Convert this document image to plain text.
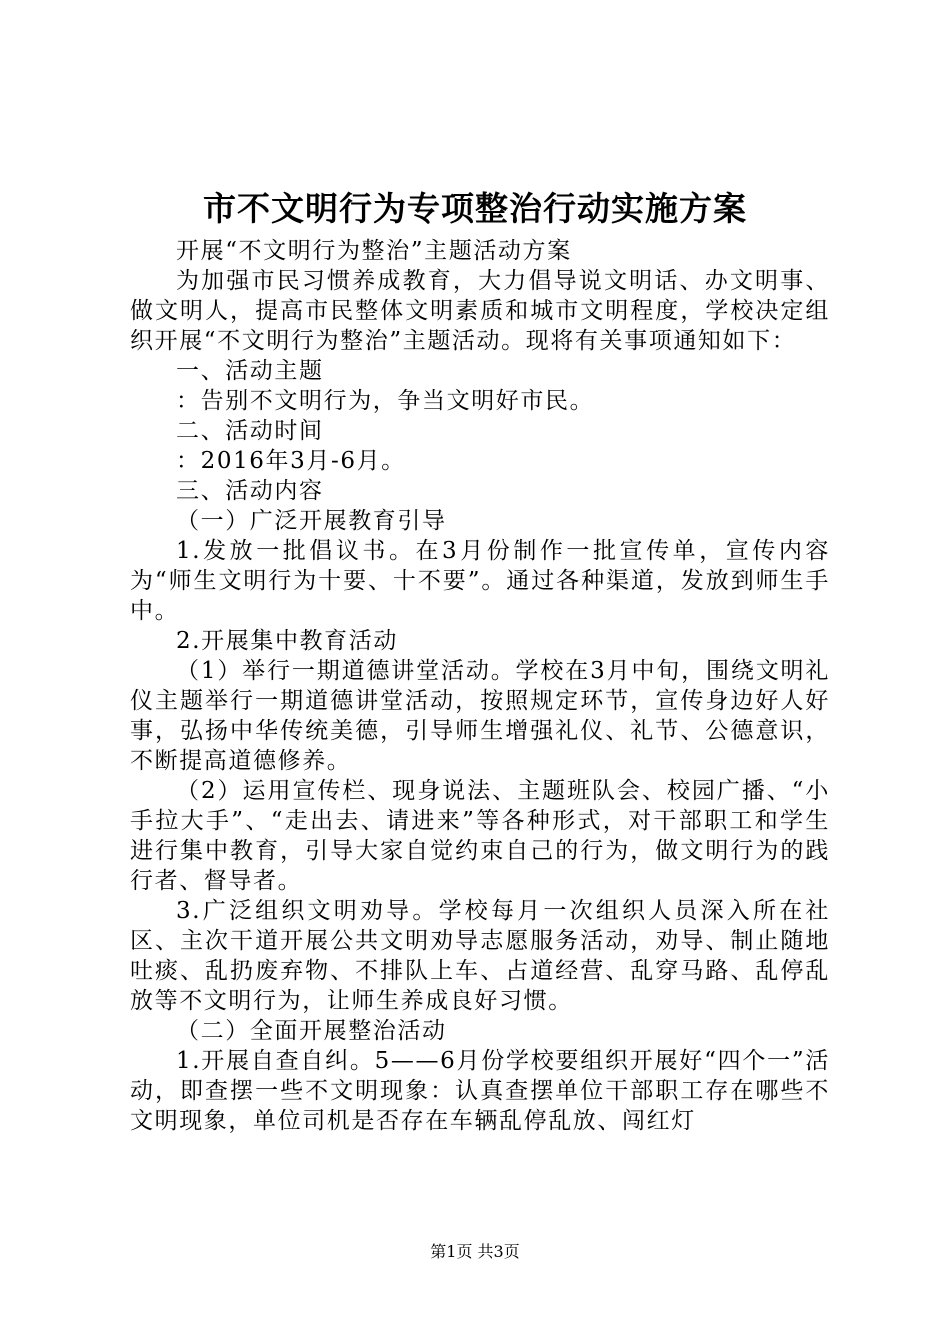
市不文明行为专项整治行动实施方案

开展“不文明行为整治”主题活动方案

为加强市民习惯养成教育，大力倡导说文明话、办文明事、做文明人，提高市民整体文明素质和城市文明程度，学校决定组织开展“不文明行为整治”主题活动。现将有关事项通知如下：

一、活动主题

：告别不文明行为，争当文明好市民。

二、活动时间

：2016年3月-6月。

三、活动内容

（一）广泛开展教育引导

1.发放一批倡议书。在3月份制作一批宣传单，宣传内容为“师生文明行为十要、十不要”。通过各种渠道，发放到师生手中。

2.开展集中教育活动

（1）举行一期道德讲堂活动。学校在3月中旬，围绕文明礼仪主题举行一期道德讲堂活动，按照规定环节，宣传身边好人好事，弘扬中华传统美德，引导师生增强礼仪、礼节、公德意识，不断提高道德修养。

（2）运用宣传栏、现身说法、主题班队会、校园广播、“小手拉大手”、“走出去、请进来”等各种形式，对干部职工和学生进行集中教育，引导大家自觉约束自己的行为，做文明行为的践行者、督导者。

3.广泛组织文明劝导。学校每月一次组织人员深入所在社区、主次干道开展公共文明劝导志愿服务活动，劝导、制止随地吐痰、乱扔废弃物、不排队上车、占道经营、乱穿马路、乱停乱放等不文明行为，让师生养成良好习惯。

（二）全面开展整治活动

1.开展自查自纠。5——6月份学校要组织开展好“四个一”活动，即查摆一些不文明现象：认真查摆单位干部职工存在哪些不文明现象，单位司机是否存在车辆乱停乱放、闯红灯

第1页 共3页
